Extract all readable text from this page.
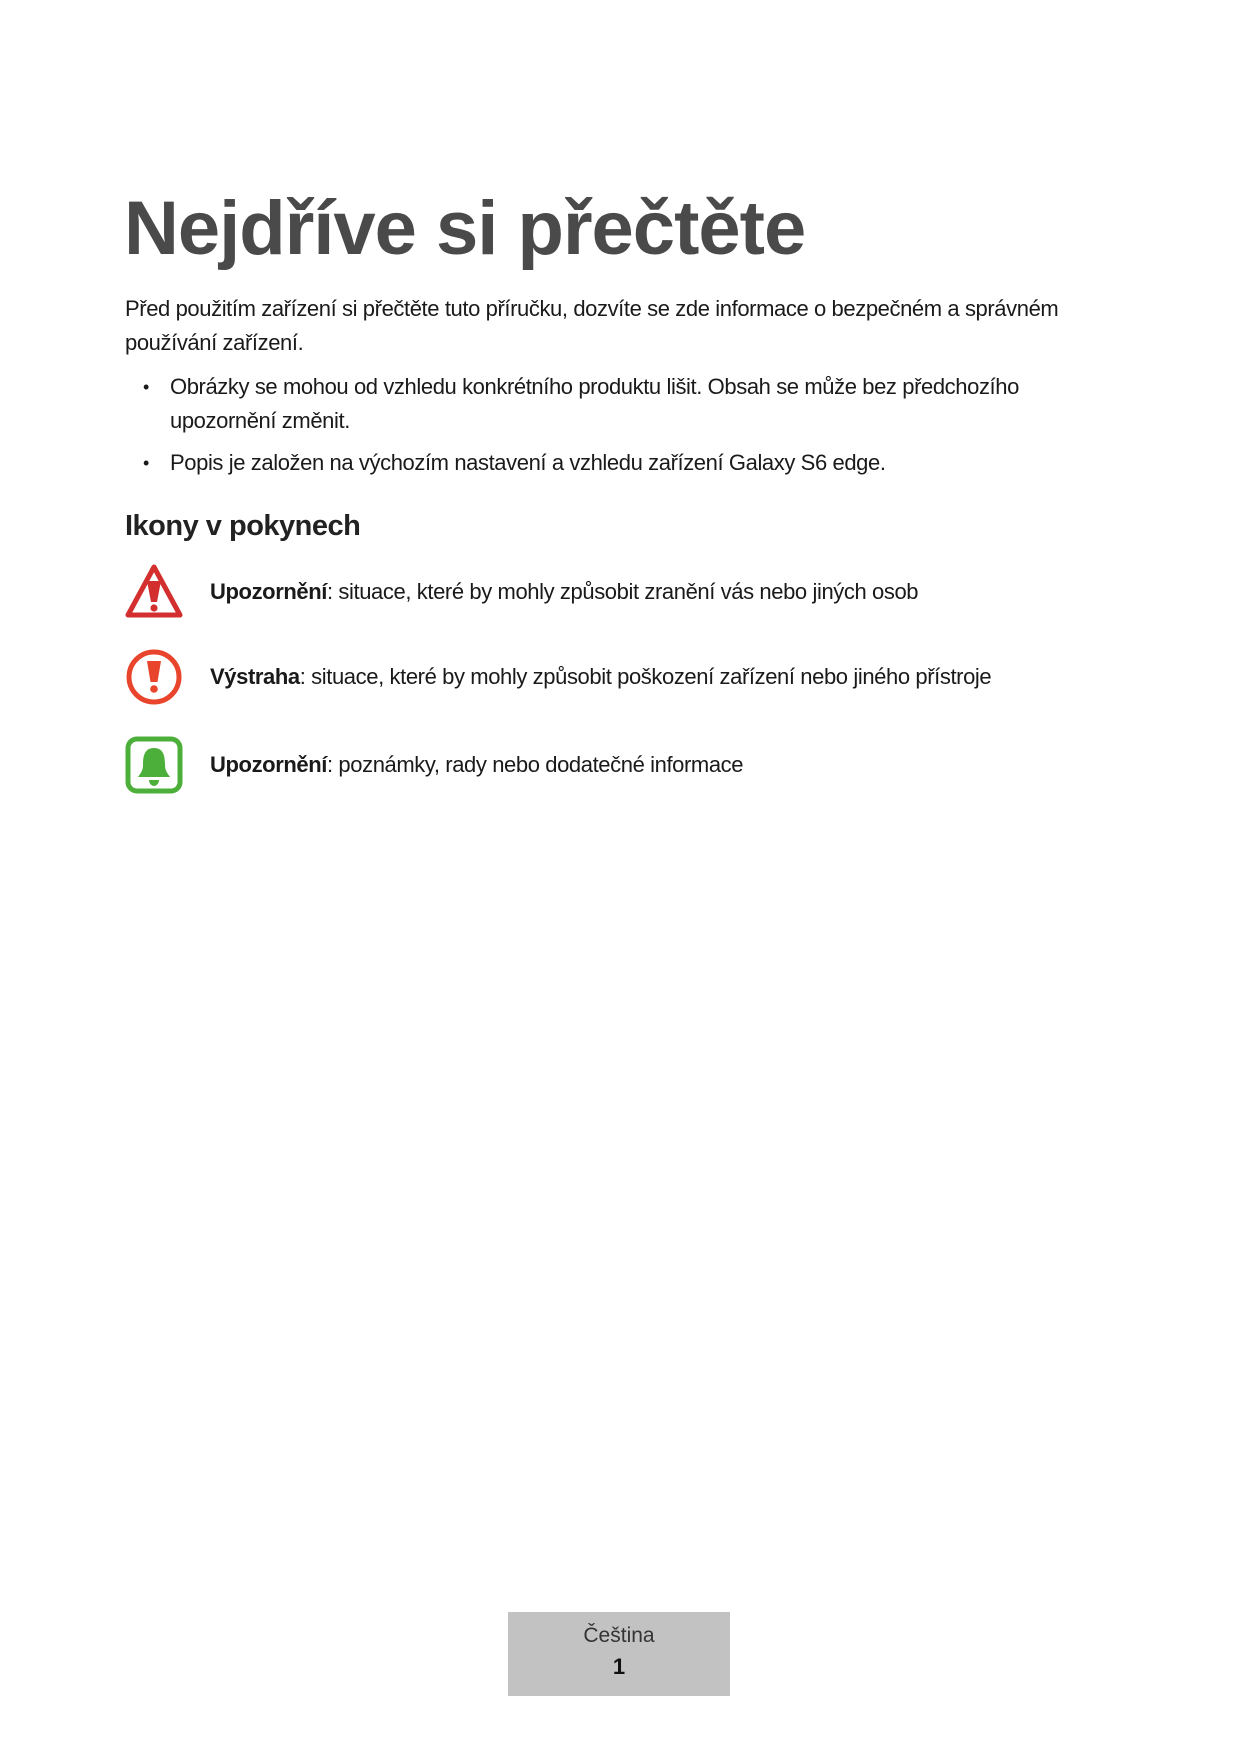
Nejdříve si přečtěte

Před použitím zařízení si přečtěte tuto příručku, dozvíte se zde informace o bezpečném a správném používání zařízení.

• Obrázky se mohou od vzhledu konkrétního produktu lišit. Obsah se může bez předchozího upozornění změnit.
• Popis je založen na výchozím nastavení a vzhledu zařízení Galaxy S6 edge.
Ikony v pokynech
Upozornění: situace, které by mohly způsobit zranění vás nebo jiných osob
Výstraha: situace, které by mohly způsobit poškození zařízení nebo jiného přístroje
Upozornění: poznámky, rady nebo dodatečné informace
Čeština
1
